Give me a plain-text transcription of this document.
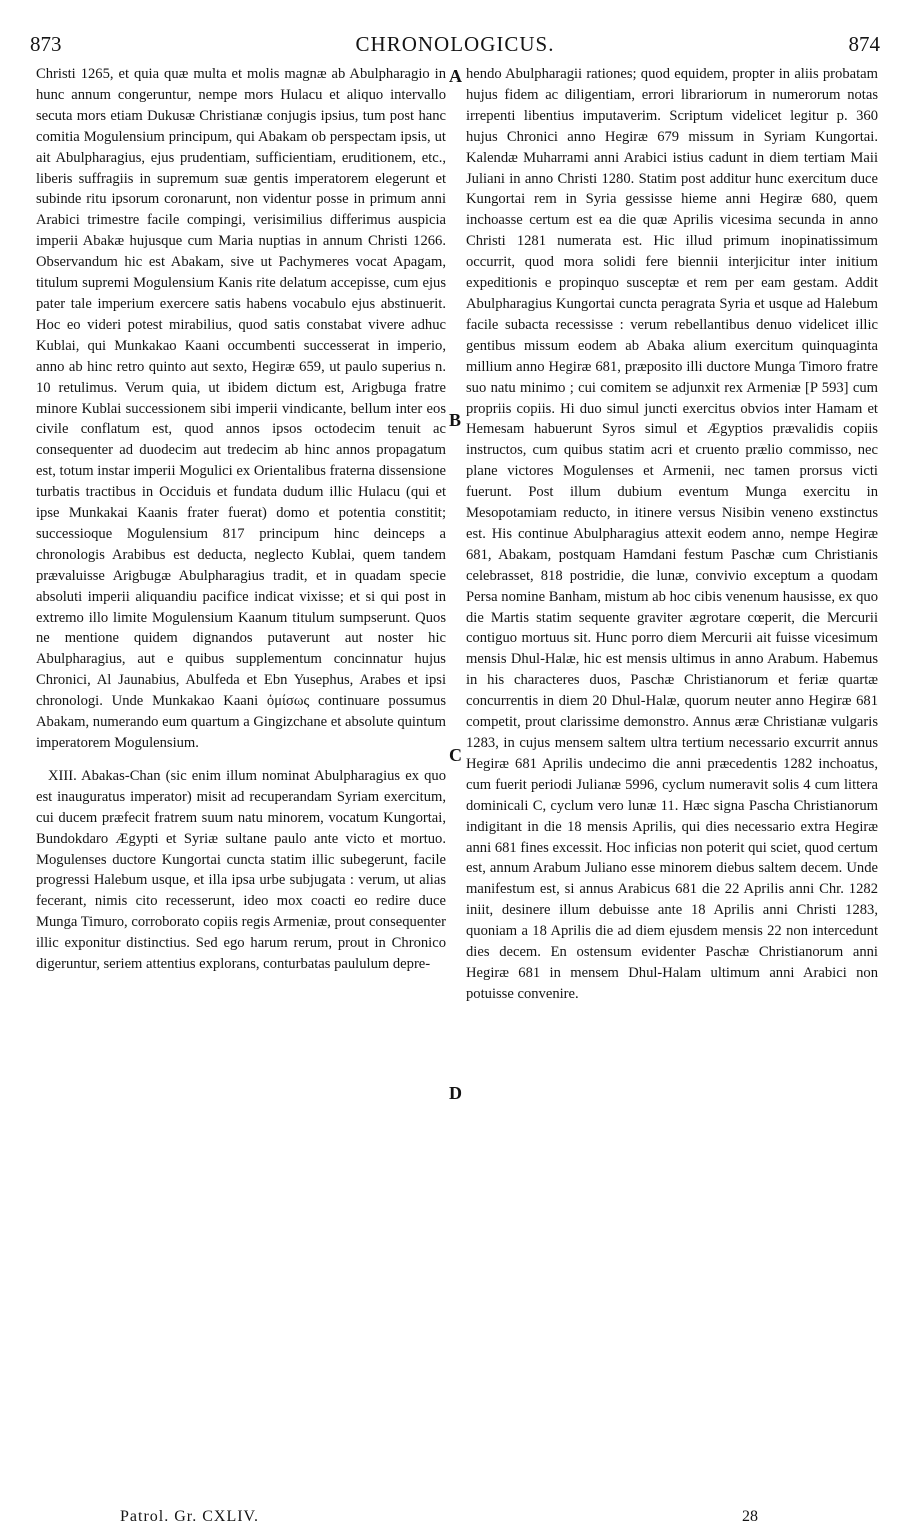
873	CHRONOLOGICUS.	874

Christi 1265, et quia quæ multa et molis magnæ ab Abulpharagio in hunc annum congeruntur, nempe mors Hulacu et aliquo intervallo secuta mors etiam Dukusæ Christianæ conjugis ipsius, tum post hanc comitia Mogulensium principum, qui Abakam ob perspectam ipsis, ut ait Abulpharagius, ejus prudentiam, sufficientiam, eruditionem, etc., liberis suffragiis in supremum suæ gentis imperatorem elegerunt et subinde ritu ipsorum coronarunt, non videntur posse in primum anni Arabici trimestre facile compingi, verisimilius differimus auspicia imperii Abakæ hujusque cum Maria nuptias in annum Christi 1266. Observandum hic est Abakam, sive ut Pachymeres vocat Apagam, titulum supremi Mogulensium Kanis rite delatum accepisse, cum ejus pater tale imperium exercere satis habens vocabulo ejus abstinuerit. Hoc eo videri potest mirabilius, quod satis constabat vivere adhuc Kublai, qui Munkakao Kaani occumbenti successerat in imperio, anno ab hinc retro quinto aut sexto, Hegiræ 659, ut paulo superius n. 10 retulimus. Verum quia, ut ibidem dictum est, Arigbuga fratre minore Kublai successionem sibi imperii vindicante, bellum inter eos civile conflatum est, quod annos ipsos octodecim tenuit ac consequenter ad duodecim aut tredecim ab hinc annos propagatum est, totum instar imperii Mogulici ex Orientalibus fraterna dissensione turbatis tractibus in Occiduis et fundata dudum illic Hulacu (qui et ipse Munkakai Kaanis frater fuerat) domo et potentia constitit; successioque Mogulensium 817 principum hinc deinceps a chronologis Arabibus est deducta, neglecto Kublai, quem tandem prævaluisse Arigbugæ Abulpharagius tradit, et in quadam specie absoluti imperii aliquandiu pacifice indicat vixisse; et si qui post in extremo illo limite Mogulensium Kaanum titulum sumpserunt. Quos ne mentione quidem dignandos putaverunt aut noster hic Abulpharagius, aut e quibus supplementum concinnatur hujus Chronici, Al Jaunabius, Abulfeda et Ebn Yusephus, Arabes et ipsi chronologi. Unde Munkakao Kaani ὁμίσως continuare possumus Abakam, numerando eum quartum a Gingizchane et absolute quintum imperatorem Mogulensium.

XIII. Abakas-Chan (sic enim illum nominat Abulpharagius ex quo est inauguratus imperator) misit ad recuperandam Syriam exercitum, cui ducem præfecit fratrem suum natu minorem, vocatum Kungortai, Bundokdaro Ægypti et Syriæ sultane paulo ante victo et mortuo. Mogulenses ductore Kungortai cuncta statim illic subegerunt, facile progressi Halebum usque, et illa ipsa urbe subjugata : verum, ut alias fecerant, nimis cito recesserunt, ideo mox coacti eo redire duce Munga Timuro, corroborato copiis regis Armeniæ, prout consequenter illic exponitur distinctius. Sed ego harum rerum, prout in Chronico digeruntur, seriem attentius explorans, conturbatas paululum depre-

hendo Abulpharagii rationes; quod equidem, propter in aliis probatam hujus fidem ac diligentiam, errori librariorum in numerorum notas irrepenti libentius imputaverim. Scriptum videlicet legitur p. 360 hujus Chronici anno Hegiræ 679 missum in Syriam Kungortai. Kalendæ Muharrami anni Arabici istius cadunt in diem tertiam Maii Juliani in anno Christi 1280. Statim post additur hunc exercitum duce Kungortai rem in Syria gessisse hieme anni Hegiræ 680, quem inchoasse certum est ea die quæ Aprilis vicesima secunda in anno Christi 1281 numerata est. Hic illud primum inopinatissimum occurrit, quod mora solidi fere biennii interjicitur inter initium expeditionis e propinquo susceptæ et rem per eam gestam. Addit Abulpharagius Kungortai cuncta peragrata Syria et usque ad Halebum facile subacta recessisse : verum rebellantibus denuo videlicet illic gentibus missum eodem ab Abaka alium exercitum quinquaginta millium anno Hegiræ 681, præposito illi ductore Munga Timoro fratre suo natu minimo ; cui comitem se adjunxit rex Armeniæ [P 593] cum propriis copiis. Hi duo simul juncti exercitus obvios inter Hamam et Hemesam habuerunt Syros simul et Ægyptios prævalidis copiis instructos, cum quibus statim acri et cruento prælio commisso, nec plane victores Mogulenses et Armenii, nec tamen prorsus victi fuerunt. Post illum dubium eventum Munga exercitu in Mesopotamiam reducto, in itinere versus Nisibin veneno exstinctus est. His continue Abulpharagius attexit eodem anno, nempe Hegiræ 681, Abakam, postquam Hamdani festum Paschæ cum Christianis celebrasset, 818 postridie, die lunæ, convivio exceptum a quodam Persa nomine Banham, mistum ab hoc cibis venenum hausisse, ex quo die Martis statim sequente graviter ægrotare cœperit, die Mercurii contiguo mortuus sit. Hunc porro diem Mercurii ait fuisse vicesimum mensis Dhul-Halæ, hic est mensis ultimus in anno Arabum. Habemus in his characteres duos, Paschæ Christianorum et feriæ quartæ concurrentis in diem 20 Dhul-Halæ, quorum neuter anno Hegiræ 681 competit, prout clarissime demonstro. Annus æræ Christianæ vulgaris 1283, in cujus mensem saltem ultra tertium necessario excurrit annus Hegiræ 681 Aprilis undecimo die anni præcedentis 1282 inchoatus, cum fuerit periodi Julianæ 5996, cyclum numeravit solis 4 cum littera dominicali C, cyclum vero lunæ 11. Hæc signa Pascha Christianorum indigitant in die 18 mensis Aprilis, qui dies necessario extra Hegiræ anni 681 fines excessit. Hoc inficias non poterit qui sciet, quod certum est, annum Arabum Juliano esse minorem diebus saltem decem. Unde manifestum est, si annus Arabicus 681 die 22 Aprilis anni Chr. 1282 iniit, desinere illum debuisse ante 18 Aprilis anni Christi 1283, quoniam a 18 Aprilis die ad diem ejusdem mensis 22 non intercedunt dies decem. En ostensum evidenter Paschæ Christianorum anni Hegiræ 681 in mensem Dhul-Halam ultimum anni Arabici non potuisse convenire.

A
B
C
D
Patrol. Gr. CXLIV.	28
